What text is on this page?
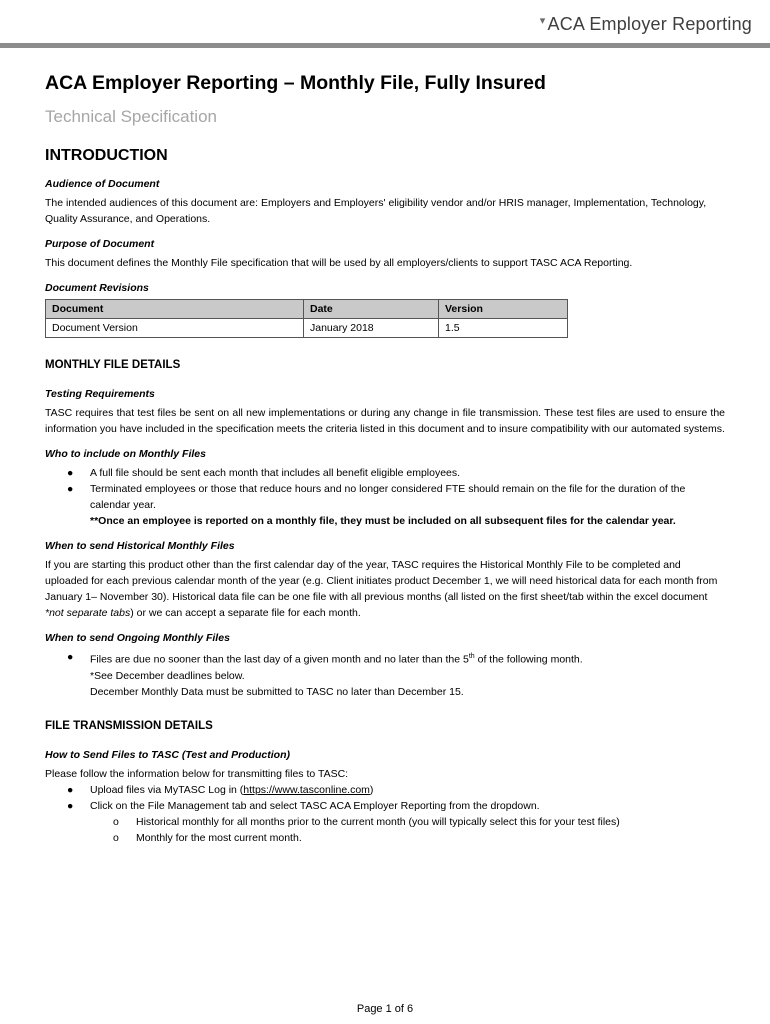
▾ ACA Employer Reporting
ACA Employer Reporting – Monthly File, Fully Insured
Technical Specification
INTRODUCTION
Audience of Document

The intended audiences of this document are: Employers and Employers' eligibility vendor and/or HRIS manager, Implementation, Technology, Quality Assurance, and Operations.

Purpose of Document

This document defines the Monthly File specification that will be used by all employers/clients to support TASC ACA Reporting.

Document Revisions
Document	Date	Version
Document Version	January 2018	1.5
MONTHLY FILE DETAILS
Testing Requirements

TASC requires that test files be sent on all new implementations or during any change in file transmission. These test files are used to ensure the information you have included in the specification meets the criteria listed in this document and to insure compatibility with our automated systems.

Who to include on Monthly Files
● A full file should be sent each month that includes all benefit eligible employees.
● Terminated employees or those that reduce hours and no longer considered FTE should remain on the file for the duration of the calendar year.
**Once an employee is reported on a monthly file, they must be included on all subsequent files for the calendar year.
When to send Historical Monthly Files

If you are starting this product other than the first calendar day of the year, TASC requires the Historical Monthly File to be completed and uploaded for each previous calendar month of the year (e.g. Client initiates product December 1, we will need historical data for each month from January 1– November 30). Historical data file can be one file with all previous months (all listed on the first sheet/tab within the excel document *not separate tabs) or we can accept a separate file for each month.

When to send Ongoing Monthly Files
● Files are due no sooner than the last day of a given month and no later than the 5th of the following month.
*See December deadlines below.
December Monthly Data must be submitted to TASC no later than December 15.
FILE TRANSMISSION DETAILS
How to Send Files to TASC (Test and Production)

Please follow the information below for transmitting files to TASC:

● Upload files via MyTASC Log in (https://www.tasconline.com)
● Click on the File Management tab and select TASC ACA Employer Reporting from the dropdown.
o Historical monthly for all months prior to the current month (you will typically select this for your test files)
o Monthly for the most current month.
Page 1 of 6
